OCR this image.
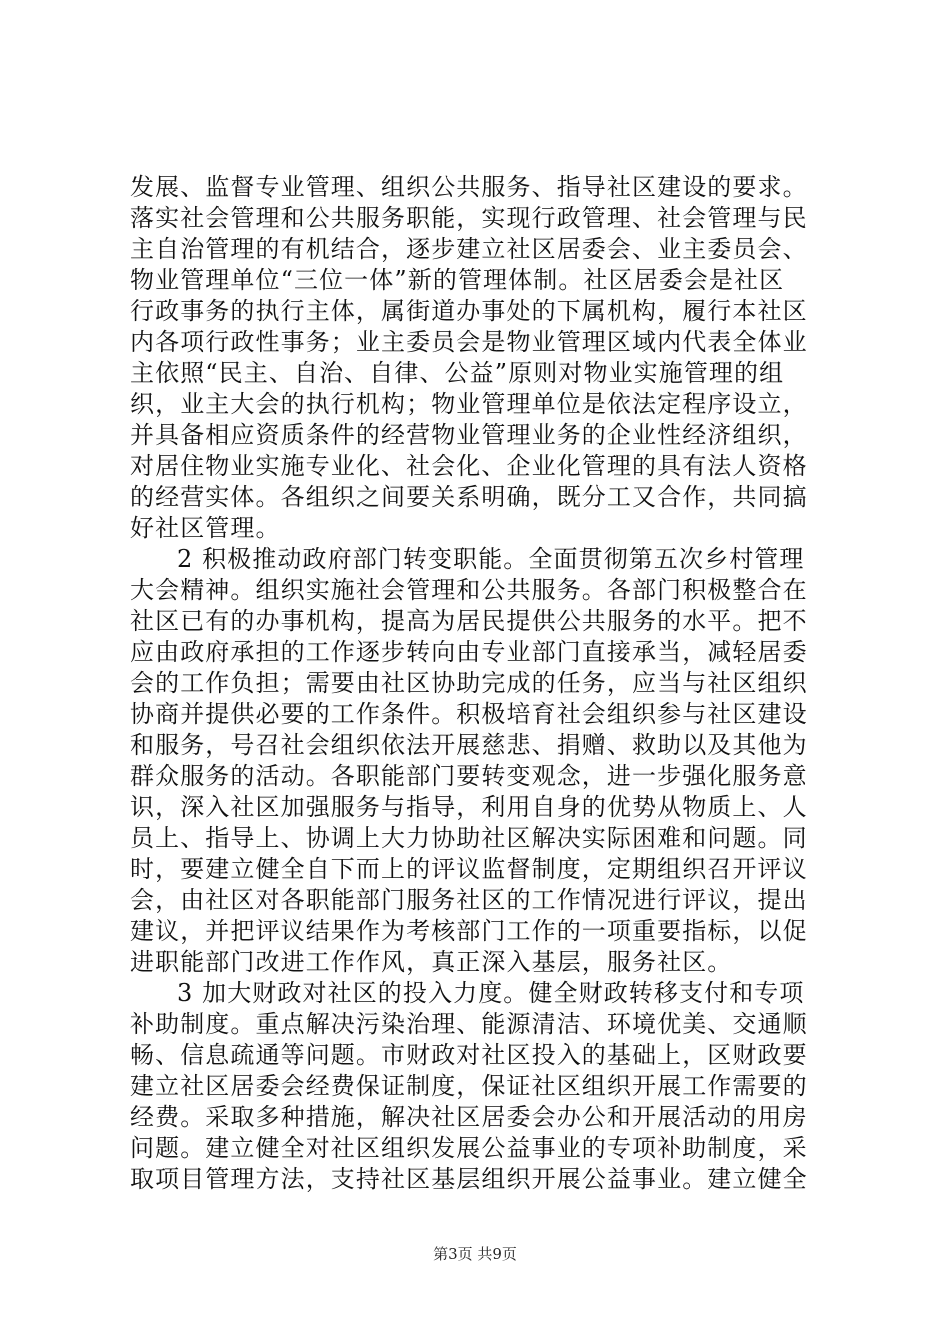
发展、监督专业管理、组织公共服务、指导社区建设的要求。
落实社会管理和公共服务职能，实现行政管理、社会管理与民
主自治管理的有机结合，逐步建立社区居委会、业主委员会、
物业管理单位“三位一体”新的管理体制。社区居委会是社区
行政事务的执行主体，属街道办事处的下属机构，履行本社区
内各项行政性事务；业主委员会是物业管理区域内代表全体业
主依照“民主、自治、自律、公益”原则对物业实施管理的组
织，业主大会的执行机构；物业管理单位是依法定程序设立，
并具备相应资质条件的经营物业管理业务的企业性经济组织，
对居住物业实施专业化、社会化、企业化管理的具有法人资格
的经营实体。各组织之间要关系明确，既分工又合作，共同搞
好社区管理。
2 积极推动政府部门转变职能。全面贯彻第五次乡村管理
大会精神。组织实施社会管理和公共服务。各部门积极整合在
社区已有的办事机构，提高为居民提供公共服务的水平。把不
应由政府承担的工作逐步转向由专业部门直接承当，减轻居委
会的工作负担；需要由社区协助完成的任务，应当与社区组织
协商并提供必要的工作条件。积极培育社会组织参与社区建设
和服务，号召社会组织依法开展慈悲、捐赠、救助以及其他为
群众服务的活动。各职能部门要转变观念，进一步强化服务意
识，深入社区加强服务与指导，利用自身的优势从物质上、人
员上、指导上、协调上大力协助社区解决实际困难和问题。同
时，要建立健全自下而上的评议监督制度，定期组织召开评议
会，由社区对各职能部门服务社区的工作情况进行评议，提出
建议，并把评议结果作为考核部门工作的一项重要指标，以促
进职能部门改进工作作风，真正深入基层，服务社区。
3 加大财政对社区的投入力度。健全财政转移支付和专项
补助制度。重点解决污染治理、能源清洁、环境优美、交通顺
畅、信息疏通等问题。市财政对社区投入的基础上，区财政要
建立社区居委会经费保证制度，保证社区组织开展工作需要的
经费。采取多种措施，解决社区居委会办公和开展活动的用房
问题。建立健全对社区组织发展公益事业的专项补助制度，采
取项目管理方法，支持社区基层组织开展公益事业。建立健全
第3页 共9页
